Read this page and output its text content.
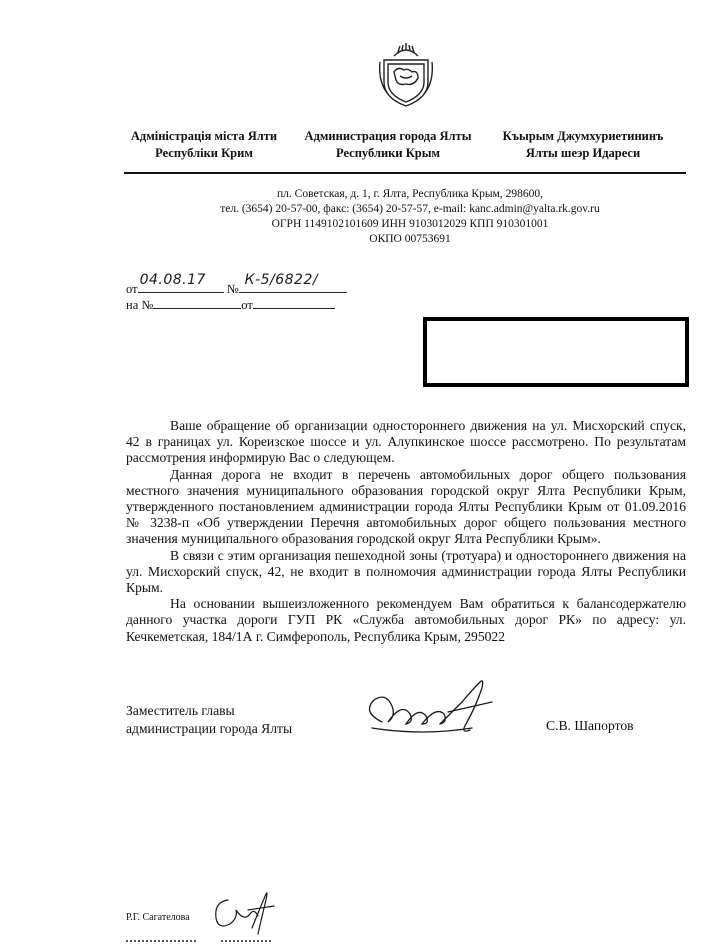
Адміністрація міста Ялти
Республіки Крим
Администрация города Ялты
Республики Крым
Къырым Джумхуриетининъ
Ялты шеэр Идареси
пл. Советская, д. 1, г. Ялта, Республика Крым, 298600,
тел. (3654) 20-57-00, факс: (3654) 20-57-57, e-mail: kanc.admin@yalta.rk.gov.ru
ОГРН 1149102101609 ИНН 9103012029 КПП 910301001
ОКПО 00753691
от
04.08.17
№
К-5/6822/
на №	от

Ваше обращение об организации одностороннего движения на ул. Мисхорский спуск, 42 в границах ул. Кореизское шоссе и ул. Алупкинское шоссе рассмотрено. По результатам рассмотрения информирую Вас о следующем.

Данная дорога не входит в перечень автомобильных дорог общего пользования местного значения муниципального образования городской округ Ялта Республики Крым, утвержденного постановлением администрации города Ялты Республики Крым от 01.09.2016 № 3238-п «Об утверждении Перечня автомобильных дорог общего пользования местного значения муниципального образования городской округ Ялта Республики Крым».

В связи с этим организация пешеходной зоны (тротуара) и одностороннего движения на ул. Мисхорский спуск, 42, не входит в полномочия администрации города Ялты Республики Крым.

На основании вышеизложенного рекомендуем Вам обратиться к балансодержателю данного участка дороги ГУП РК «Служба автомобильных дорог РК» по адресу: ул. Кечкеметская, 184/1А г. Симферополь, Республика Крым, 295022

Заместитель главы
администрации города Ялты	С.В. Шапортов
Р.Г. Сагателова
